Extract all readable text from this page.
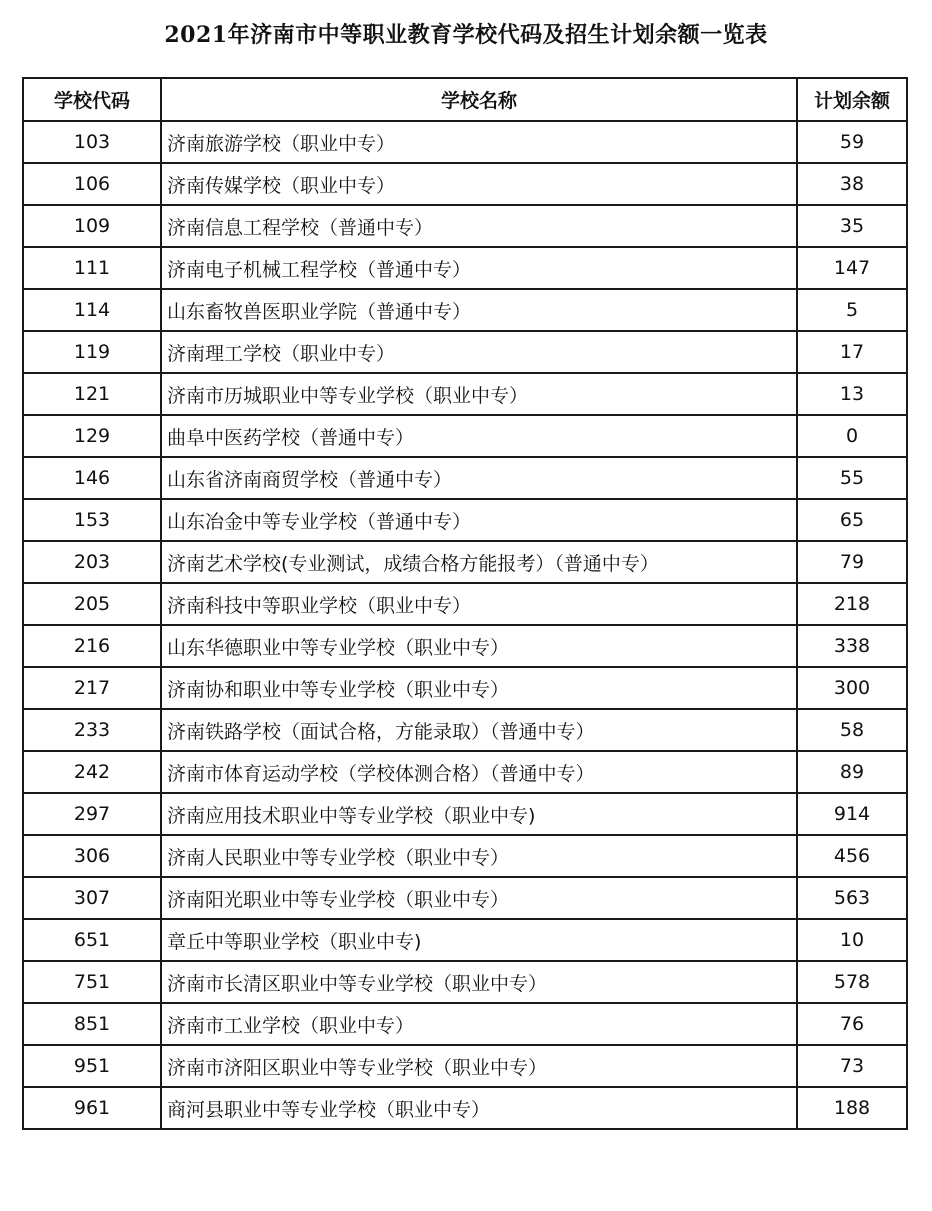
2021年济南市中等职业教育学校代码及招生计划余额一览表
学校代码	学校名称	计划余额
103	济南旅游学校（职业中专）	59
106	济南传媒学校（职业中专）	38
109	济南信息工程学校（普通中专）	35
111	济南电子机械工程学校（普通中专）	147
114	山东畜牧兽医职业学院（普通中专）	5
119	济南理工学校（职业中专）	17
121	济南市历城职业中等专业学校（职业中专）	13
129	曲阜中医药学校（普通中专）	0
146	山东省济南商贸学校（普通中专）	55
153	山东冶金中等专业学校（普通中专）	65
203	济南艺术学校(专业测试，成绩合格方能报考）（普通中专）	79
205	济南科技中等职业学校（职业中专）	218
216	山东华德职业中等专业学校（职业中专）	338
217	济南协和职业中等专业学校（职业中专）	300
233	济南铁路学校（面试合格，方能录取）（普通中专）	58
242	济南市体育运动学校（学校体测合格）（普通中专）	89
297	济南应用技术职业中等专业学校（职业中专)	914
306	济南人民职业中等专业学校（职业中专）	456
307	济南阳光职业中等专业学校（职业中专）	563
651	章丘中等职业学校（职业中专)	10
751	济南市长清区职业中等专业学校（职业中专）	578
851	济南市工业学校（职业中专）	76
951	济南市济阳区职业中等专业学校（职业中专）	73
961	商河县职业中等专业学校（职业中专）	188
